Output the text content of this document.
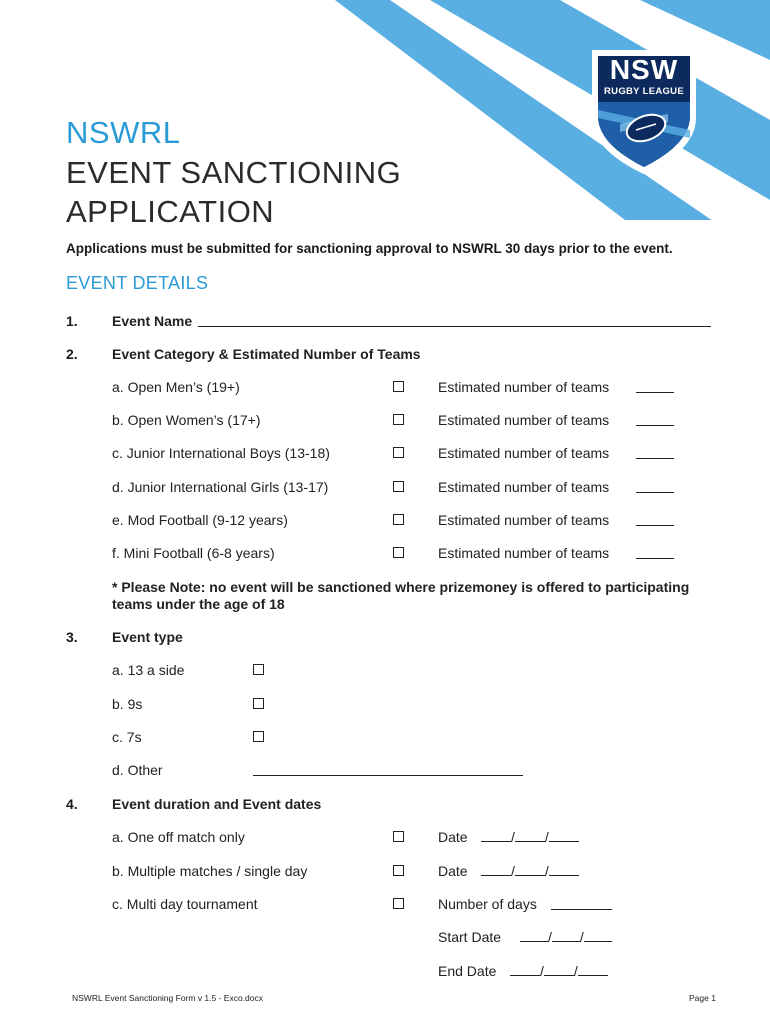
NSW
RUGBY LEAGUE
NSWRL
EVENT SANCTIONING
APPLICATION
Applications must be submitted for sanctioning approval to NSWRL 30 days prior to the event.
EVENT DETAILS
1. Event Name
2. Event Category & Estimated Number of Teams
a. Open Men’s (19+)	Estimated number of teams
b. Open Women’s (17+)	Estimated number of teams
c. Junior International Boys (13-18)	Estimated number of teams
d. Junior International Girls (13-17)	Estimated number of teams
e. Mod Football (9-12 years)	Estimated number of teams
f. Mini Football (6-8 years)	Estimated number of teams
* Please Note: no event will be sanctioned where prizemoney is offered to participating
teams under the age of 18
3. Event type
a. 13 a side
b. 9s
c. 7s
d. Other
4. Event duration and Event dates
a. One off match only	Date	/ /
b. Multiple matches / single day	Date	/ /
c. Multi day tournament	Number of days
Start Date	/ /
End Date	/ /
NSWRL Event Sanctioning Form v 1.5 - Exco.docx	Page 1
